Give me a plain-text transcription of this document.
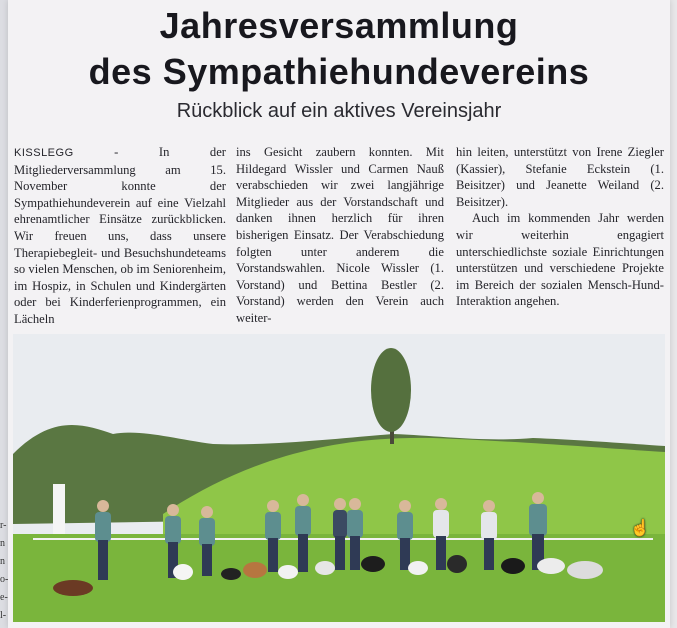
r-
n
n
o-
e-
l-
Jahresversammlung
des Sympathiehundevereins
Rückblick auf ein aktives Vereinsjahr

KISSLEGG	- In der Mitgliederversammlung am 15. November konnte der Sympathiehundeverein auf eine Vielzahl ehrenamtlicher Einsätze zurückblicken. Wir freuen uns, dass unsere Therapiebegleit- und Besuchshundeteams so vielen Menschen, ob im Seniorenheim, im Hospiz, in Schulen und Kindergärten oder bei Kinderferienprogrammen, ein Lächeln

ins Gesicht zaubern konnten. Mit Hildegard Wissler und Carmen Nauß verabschieden wir zwei langjährige Mitglieder aus der Vorstandschaft und danken ihnen herzlich für ihren bisherigen Einsatz. Der Verabschiedung folgten unter anderem die Vorstandswahlen. Nicole Wissler (1. Vorstand) und Bettina Bestler (2. Vorstand) werden den Verein auch weiter-

hin leiten, unterstützt von Irene Ziegler (Kassier), Stefanie Eckstein (1. Beisitzer) und Jeanette Weiland (2. Beisitzer).

Auch im kommenden Jahr werden wir weiterhin engagiert unterschiedlichste soziale Einrichtungen unterstützen und verschiedene Projekte im Bereich der sozialen Mensch-Hund-Interaktion angehen.

☝
